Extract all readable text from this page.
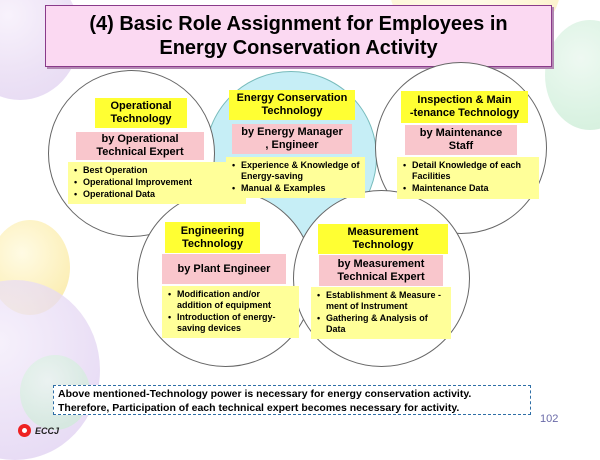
(4) Basic Role Assignment for Employees in
Energy Conservation Activity
Operational
Technology
by Operational
Technical Expert
• Best Operation
• Operational Improvement
• Operational Data
Energy Conservation
Technology
by Energy Manager
, Engineer
• Experience & Knowledge of Energy-saving
• Manual & Examples
Inspection & Main
-tenance Technology
by Maintenance
Staff
• Detail Knowledge of each Facilities
• Maintenance Data
Engineering
Technology
by Plant Engineer
• Modification and/or addition of equipment
• Introduction of energy-saving devices
Measurement
Technology
by Measurement
Technical Expert
• Establishment & Measure -ment of Instrument
• Gathering & Analysis of Data
Above mentioned-Technology power is necessary for energy conservation activity.
Therefore, Participation of each technical expert becomes necessary for activity.
102
ECCJ
